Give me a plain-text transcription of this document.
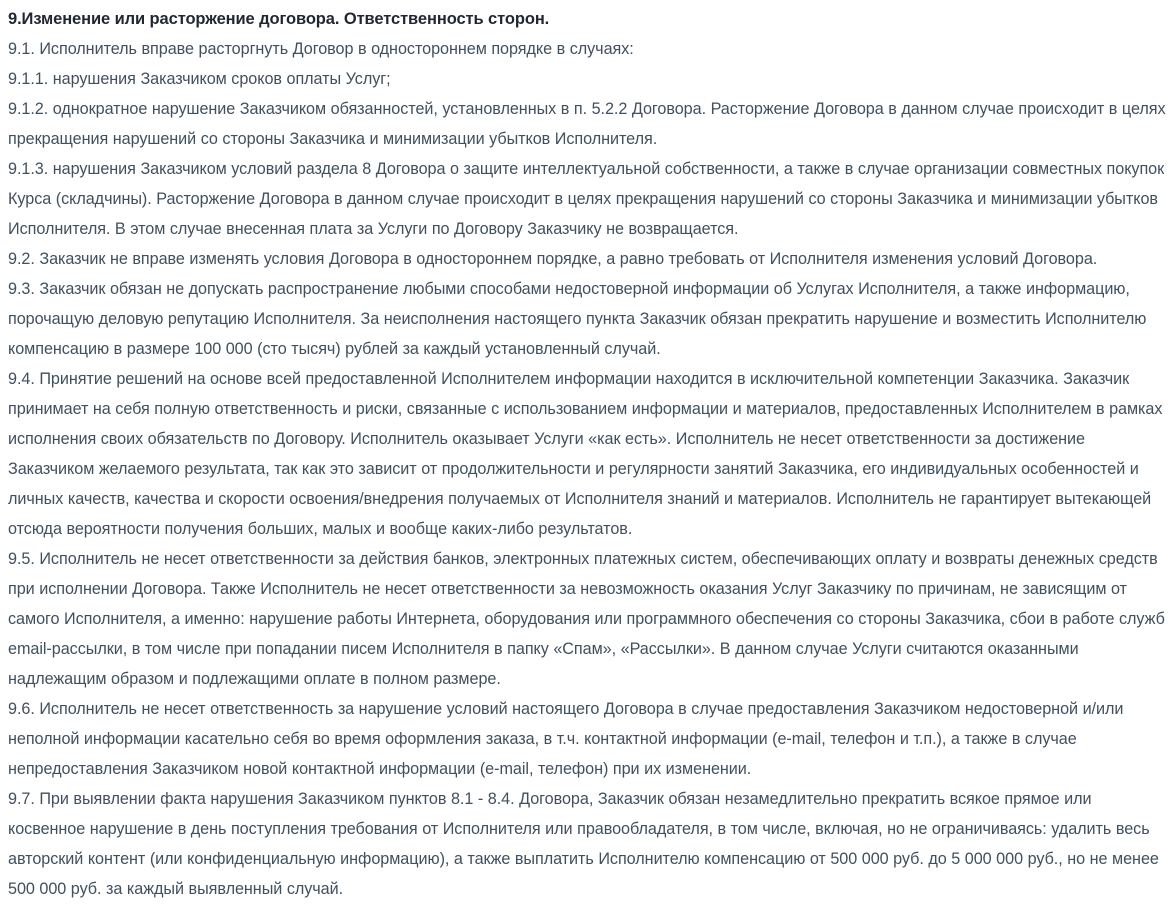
9.Изменение или расторжение договора. Ответственность сторон.

9.1. Исполнитель вправе расторгнуть Договор в одностороннем порядке в случаях:

9.1.1. нарушения Заказчиком сроков оплаты Услуг;

9.1.2. однократное нарушение Заказчиком обязанностей, установленных в п. 5.2.2 Договора. Расторжение Договора в данном случае происходит в целях прекращения нарушений со стороны Заказчика и минимизации убытков Исполнителя.

9.1.3. нарушения Заказчиком условий раздела 8 Договора о защите интеллектуальной собственности, а также в случае организации совместных покупок Курса (складчины). Расторжение Договора в данном случае происходит в целях прекращения нарушений со стороны Заказчика и минимизации убытков Исполнителя. В этом случае внесенная плата за Услуги по Договору Заказчику не возвращается.

9.2. Заказчик не вправе изменять условия Договора в одностороннем порядке, а равно требовать от Исполнителя изменения условий Договора.

9.3. Заказчик обязан не допускать распространение любыми способами недостоверной информации об Услугах Исполнителя, а также информацию, порочащую деловую репутацию Исполнителя. За неисполнения настоящего пункта Заказчик обязан прекратить нарушение и возместить Исполнителю компенсацию в размере 100 000 (сто тысяч) рублей за каждый установленный случай.

9.4. Принятие решений на основе всей предоставленной Исполнителем информации находится в исключительной компетенции Заказчика. Заказчик принимает на себя полную ответственность и риски, связанные с использованием информации и материалов, предоставленных Исполнителем в рамках исполнения своих обязательств по Договору. Исполнитель оказывает Услуги «как есть». Исполнитель не несет ответственности за достижение Заказчиком желаемого результата, так как это зависит от продолжительности и регулярности занятий Заказчика, его индивидуальных особенностей и личных качеств, качества и скорости освоения/внедрения получаемых от Исполнителя знаний и материалов. Исполнитель не гарантирует вытекающей отсюда вероятности получения больших, малых и вообще каких-либо результатов.

9.5. Исполнитель не несет ответственности за действия банков, электронных платежных систем, обеспечивающих оплату и возвраты денежных средств при исполнении Договора. Также Исполнитель не несет ответственности за невозможность оказания Услуг Заказчику по причинам, не зависящим от самого Исполнителя, а именно: нарушение работы Интернета, оборудования или программного обеспечения со стороны Заказчика, сбои в работе служб email-рассылки, в том числе при попадании писем Исполнителя в папку «Спам», «Рассылки». В данном случае Услуги считаются оказанными надлежащим образом и подлежащими оплате в полном размере.

9.6. Исполнитель не несет ответственность за нарушение условий настоящего Договора в случае предоставления Заказчиком недостоверной и/или неполной информации касательно себя во время оформления заказа, в т.ч. контактной информации (e-mail, телефон и т.п.), а также в случае непредоставления Заказчиком новой контактной информации (e-mail, телефон) при их изменении.

9.7. При выявлении факта нарушения Заказчиком пунктов 8.1 - 8.4. Договора, Заказчик обязан незамедлительно прекратить всякое прямое или косвенное нарушение в день поступления требования от Исполнителя или правообладателя, в том числе, включая, но не ограничиваясь: удалить весь авторский контент (или конфиденциальную информацию), а также выплатить Исполнителю компенсацию от 500 000 руб. до 5 000 000 руб., но не менее 500 000 руб. за каждый выявленный случай.
